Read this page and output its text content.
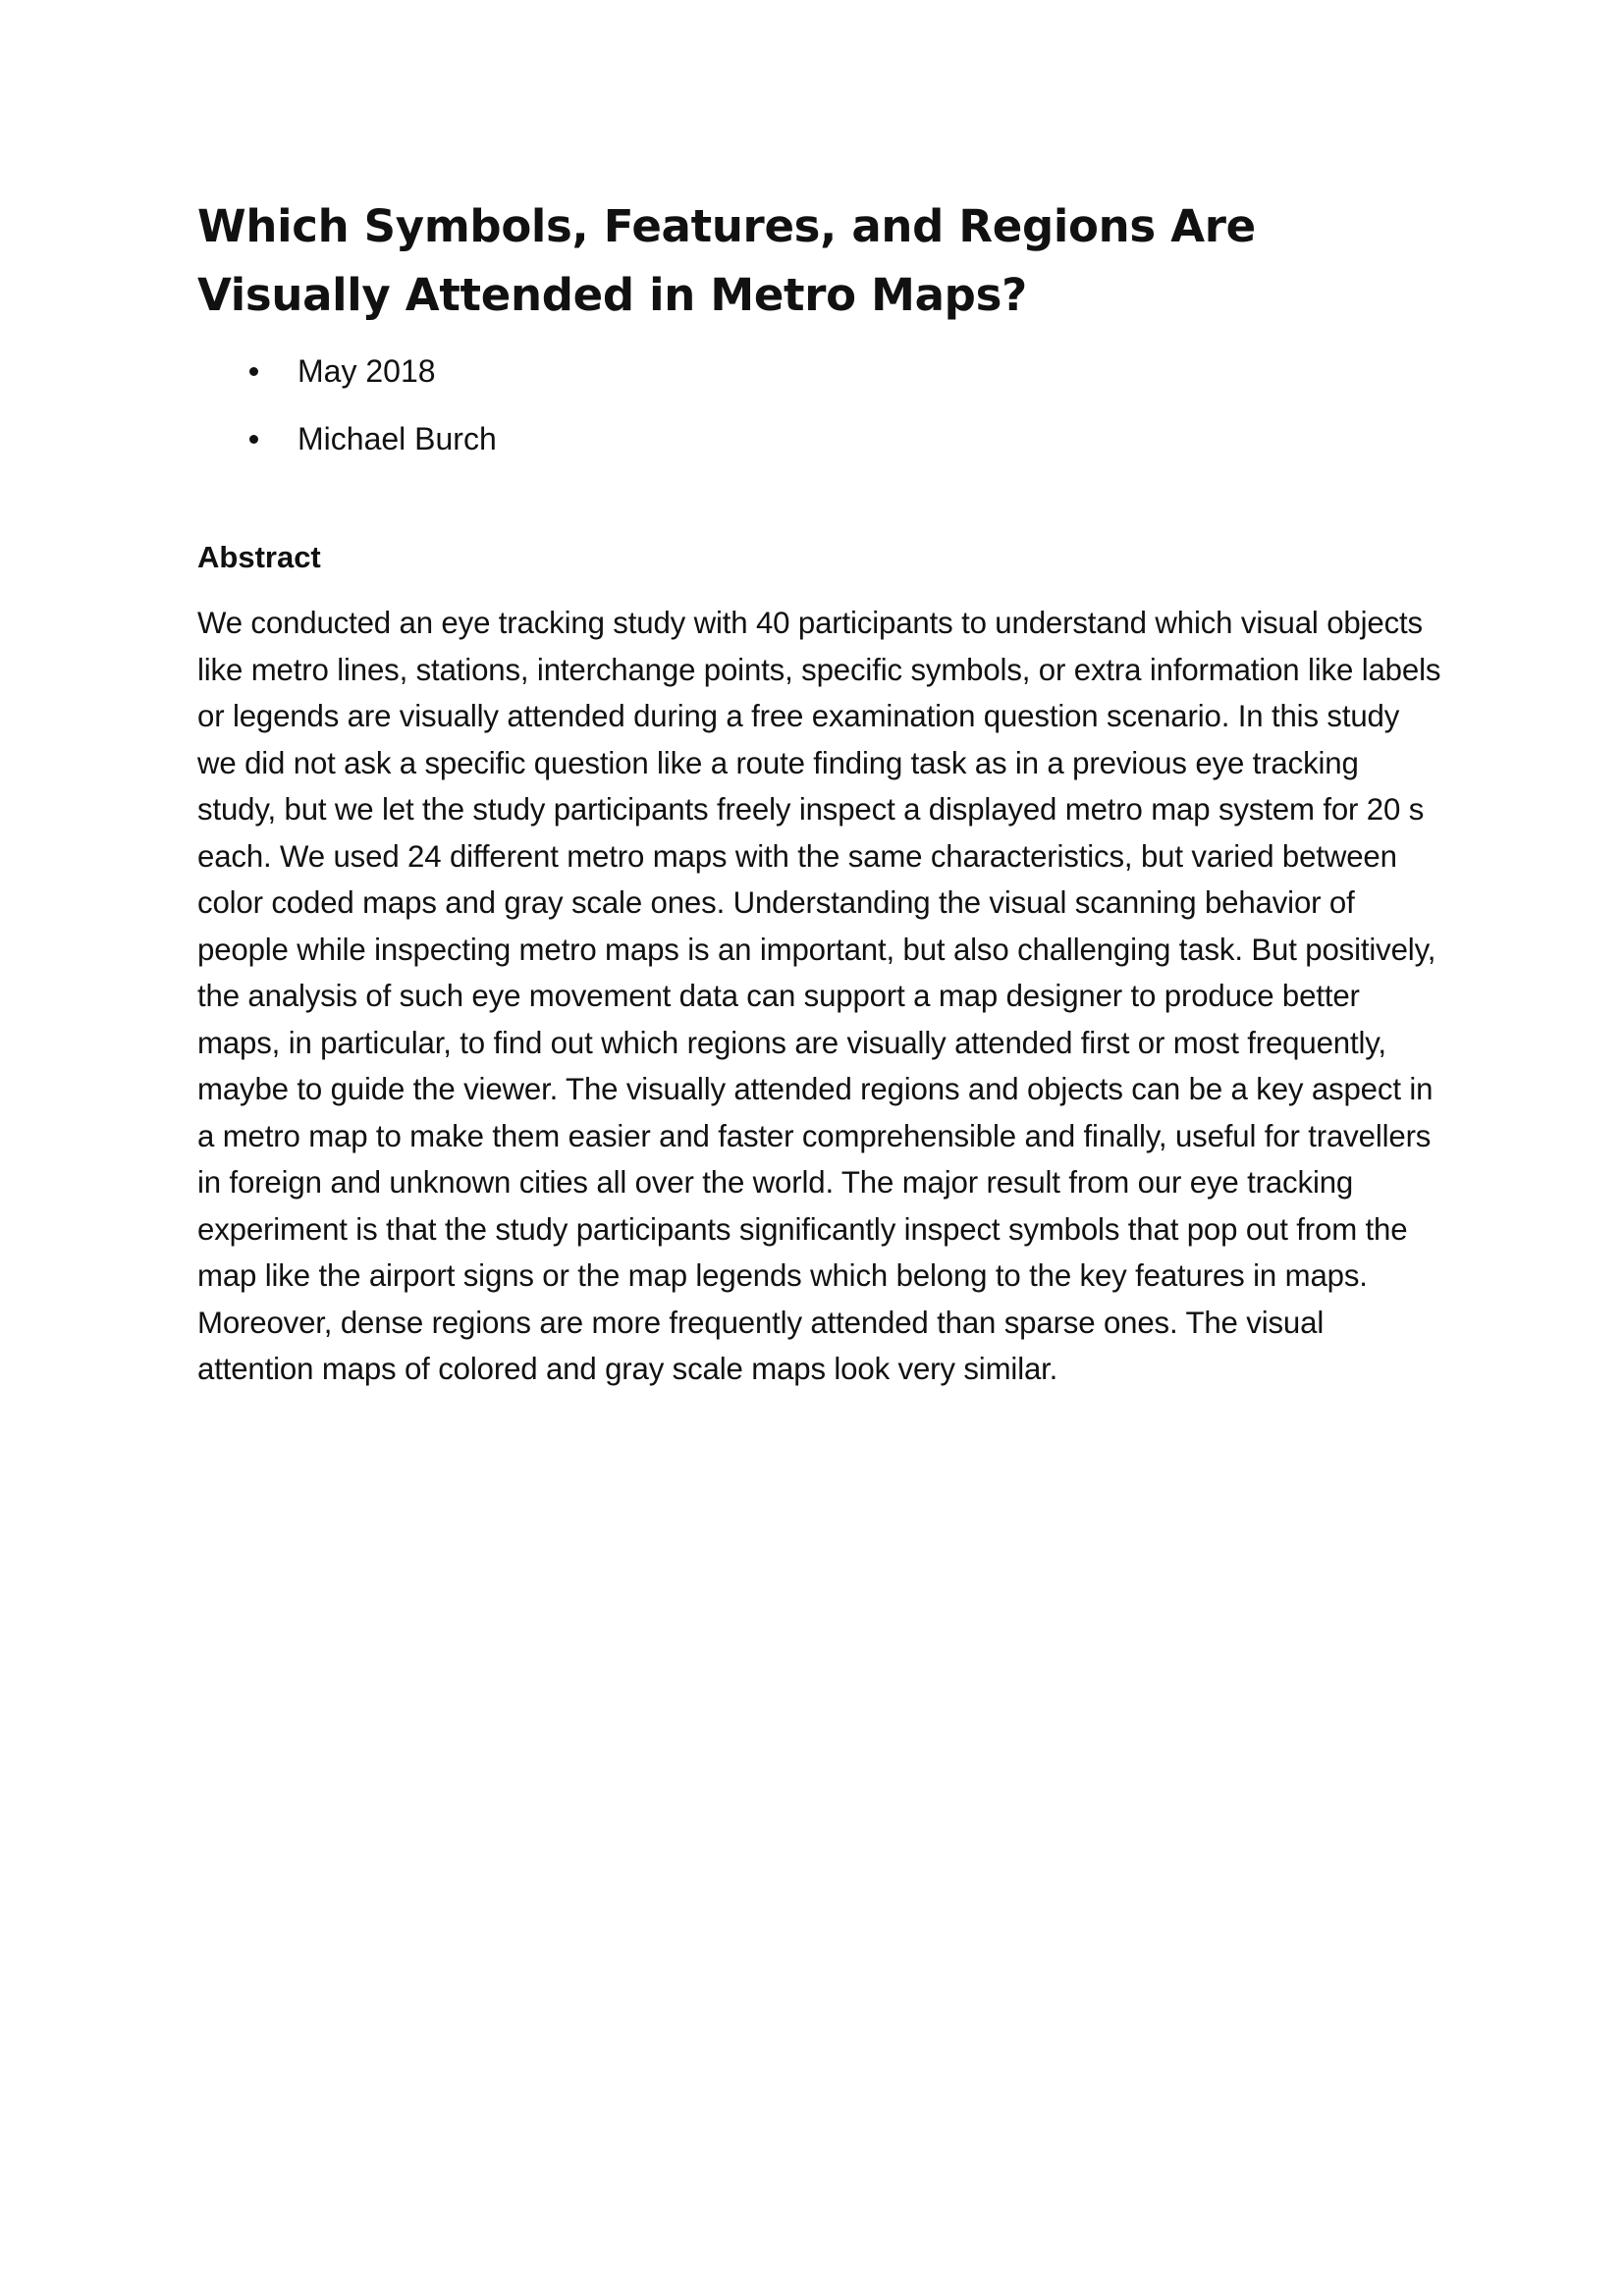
Which Symbols, Features, and Regions Are Visually Attended in Metro Maps?
May 2018
Michael Burch
Abstract

We conducted an eye tracking study with 40 participants to understand which visual objects like metro lines, stations, interchange points, specific symbols, or extra information like labels or legends are visually attended during a free examination question scenario. In this study we did not ask a specific question like a route finding task as in a previous eye tracking study, but we let the study participants freely inspect a displayed metro map system for 20 s each. We used 24 different metro maps with the same characteristics, but varied between color coded maps and gray scale ones. Understanding the visual scanning behavior of people while inspecting metro maps is an important, but also challenging task. But positively, the analysis of such eye movement data can support a map designer to produce better maps, in particular, to find out which regions are visually attended first or most frequently, maybe to guide the viewer. The visually attended regions and objects can be a key aspect in a metro map to make them easier and faster comprehensible and finally, useful for travellers in foreign and unknown cities all over the world. The major result from our eye tracking experiment is that the study participants significantly inspect symbols that pop out from the map like the airport signs or the map legends which belong to the key features in maps. Moreover, dense regions are more frequently attended than sparse ones. The visual attention maps of colored and gray scale maps look very similar.
